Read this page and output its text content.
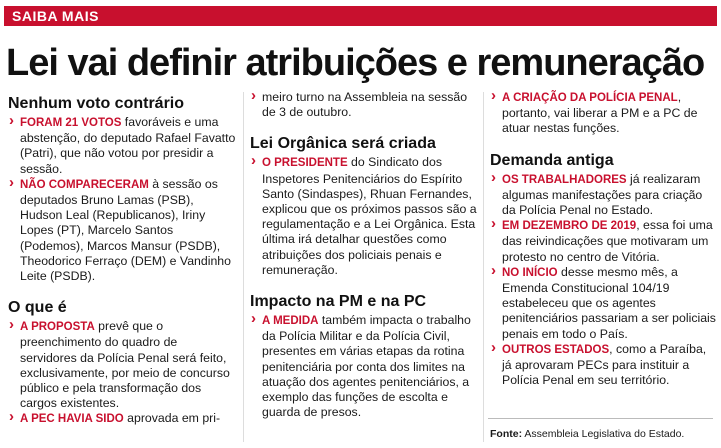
SAIBA MAIS
Lei vai definir atribuições e remuneração
Nenhum voto contrário

› FORAM 21 VOTOS favoráveis e uma abstenção, do deputado Rafael Favatto (Patri), que não votou por presidir a sessão.

› NÃO COMPARECERAM à sessão os deputados Bruno Lamas (PSB), Hudson Leal (Republicanos), Iriny Lopes (PT), Marcelo Santos (Podemos), Marcos Mansur (PSDB), Theodorico Ferraço (DEM) e Vandinho Leite (PSDB).

O que é

› A PROPOSTA prevê que o preenchimento do quadro de servidores da Polícia Penal será feito, exclusivamente, por meio de concurso público e pela transformação dos cargos existentes.

› A PEC HAVIA SIDO aprovada em pri-

› meiro turno na Assembleia na sessão de 3 de outubro.

Lei Orgânica será criada

› O PRESIDENTE do Sindicato dos Inspetores Penitenciários do Espírito Santo (Sindaspes), Rhuan Fernandes, explicou que os próximos passos são a regulamentação e a Lei Orgânica. Esta última irá detalhar questões como atribuições dos policiais penais e remuneração.

Impacto na PM e na PC

› A MEDIDA também impacta o trabalho da Polícia Militar e da Polícia Civil, presentes em várias etapas da rotina penitenciária por conta dos limites na atuação dos agentes penitenciários, a exemplo das funções de escolta e guarda de presos.

› A CRIAÇÃO DA POLÍCIA PENAL, portanto, vai liberar a PM e a PC de atuar nestas funções.

Demanda antiga

› OS TRABALHADORES já realizaram algumas manifestações para criação da Polícia Penal no Estado.

› EM DEZEMBRO DE 2019, essa foi uma das reivindicações que motivaram um protesto no centro de Vitória.

› NO INÍCIO desse mesmo mês, a Emenda Constitucional 104/19 estabeleceu que os agentes penitenciários passariam a ser policiais penais em todo o País.

› OUTROS ESTADOS, como a Paraíba, já aprovaram PECs para instituir a Polícia Penal em seu território.

Fonte: Assembleia Legislativa do Estado.
